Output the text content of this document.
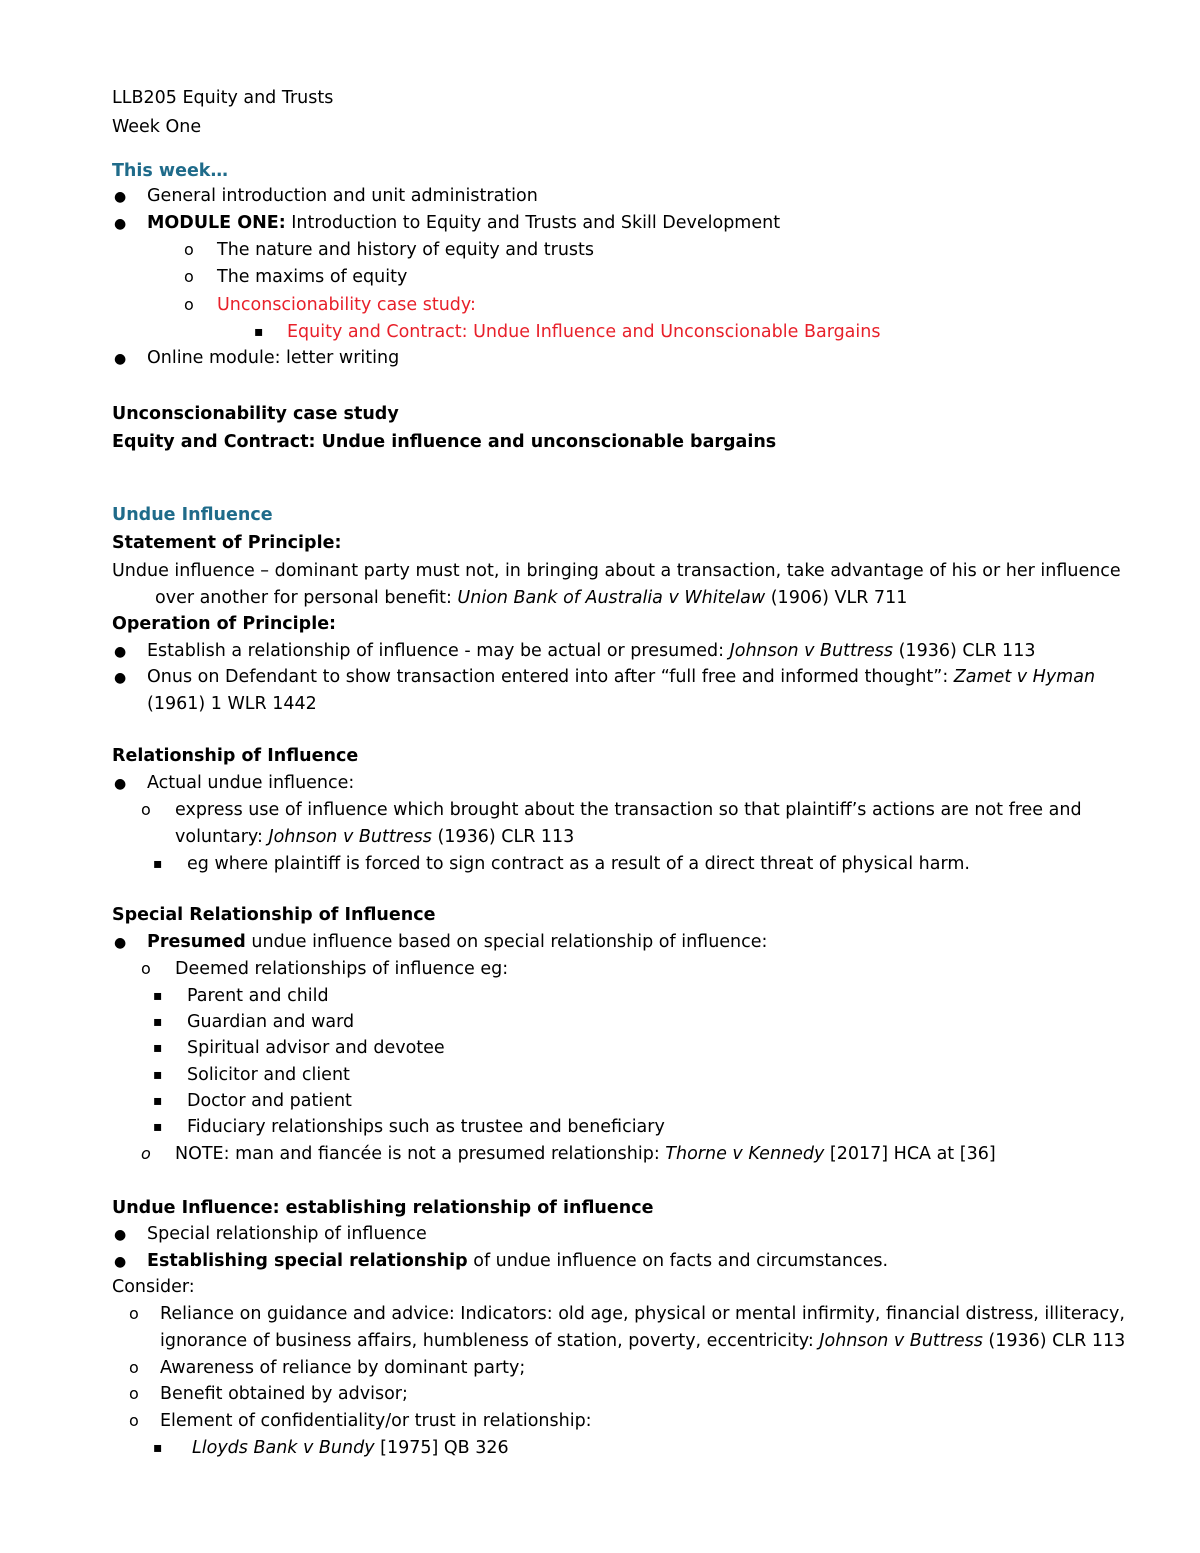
LLB205 Equity and Trusts
Week One
This week…
● General introduction and unit administration
● MODULE ONE: Introduction to Equity and Trusts and Skill Development
o The nature and history of equity and trusts
o The maxims of equity
o Unconscionability case study:
▪ Equity and Contract: Undue Influence and Unconscionable Bargains
● Online module: letter writing
Unconscionability case study
Equity and Contract: Undue influence and unconscionable bargains
Undue Influence
Statement of Principle:
Undue influence – dominant party must not, in bringing about a transaction, take advantage of his or her influence
over another for personal benefit: Union Bank of Australia v Whitelaw (1906) VLR 711
Operation of Principle:
● Establish a relationship of influence - may be actual or presumed: Johnson v Buttress (1936) CLR 113
● Onus on Defendant to show transaction entered into after “full free and informed thought”: Zamet v Hyman
(1961) 1 WLR 1442
Relationship of Influence
● Actual undue influence:
o express use of influence which brought about the transaction so that plaintiff’s actions are not free and
voluntary: Johnson v Buttress (1936) CLR 113
▪ eg where plaintiff is forced to sign contract as a result of a direct threat of physical harm.
Special Relationship of Influence
● Presumed undue influence based on special relationship of influence:
o Deemed relationships of influence eg:
▪ Parent and child
▪ Guardian and ward
▪ Spiritual advisor and devotee
▪ Solicitor and client
▪ Doctor and patient
▪ Fiduciary relationships such as trustee and beneficiary
o NOTE: man and fiancée is not a presumed relationship: Thorne v Kennedy [2017] HCA at [36]
Undue Influence: establishing relationship of influence
● Special relationship of influence
● Establishing special relationship of undue influence on facts and circumstances.
Consider:
o Reliance on guidance and advice: Indicators: old age, physical or mental infirmity, financial distress, illiteracy,
ignorance of business affairs, humbleness of station, poverty, eccentricity: Johnson v Buttress (1936) CLR 113
o Awareness of reliance by dominant party;
o Benefit obtained by advisor;
o Element of confidentiality/or trust in relationship:
▪ Lloyds Bank v Bundy [1975] QB 326
